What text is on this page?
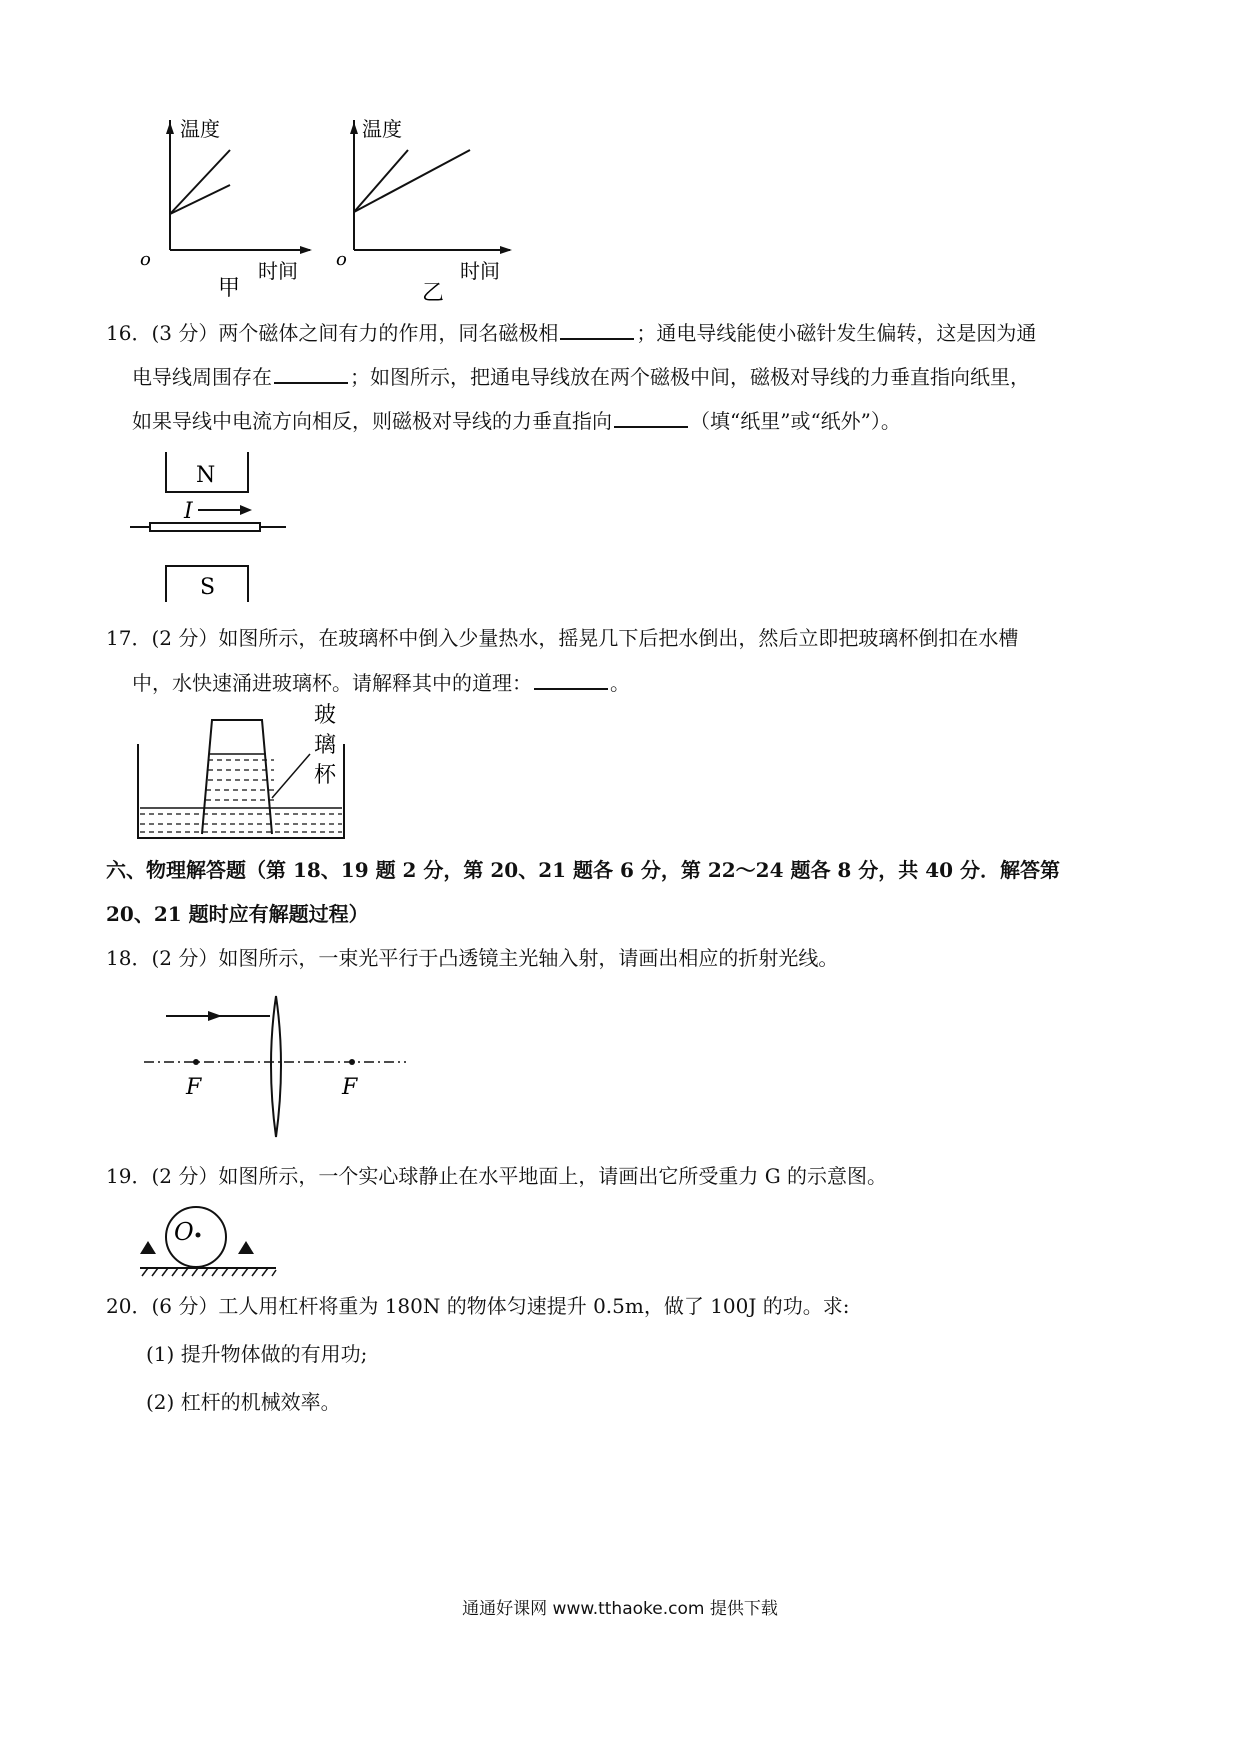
温度
o	时间
甲
温度
o	时间
乙
16．(3 分）两个磁体之间有力的作用，同名磁极相	；通电导线能使小磁针发生偏转，这是因为通
电导线周围存在	；如图所示，把通电导线放在两个磁极中间，磁极对导线的力垂直指向纸里，
如果导线中电流方向相反，则磁极对导线的力垂直指向	（填“纸里”或“纸外”）。
N
I
S
17．(2 分）如图所示，在玻璃杯中倒入少量热水，摇晃几下后把水倒出，然后立即把玻璃杯倒扣在水槽
中，水快速涌进玻璃杯。请解释其中的道理：	。
玻
璃
杯
六、物理解答题（第 18、19 题 2 分，第 20、21 题各 6 分，第 22～24 题各 8 分，共 40 分．解答第
20、21 题时应有解题过程）
18．(2 分）如图所示，一束光平行于凸透镜主光轴入射，请画出相应的折射光线。
F	F
19．(2 分）如图所示，一个实心球静止在水平地面上，请画出它所受重力 G 的示意图。
O
20．(6 分）工人用杠杆将重为 180N 的物体匀速提升 0.5m，做了 100J 的功。求:
(1) 提升物体做的有用功;
(2) 杠杆的机械效率。
通通好课网 www.tthaoke.com 提供下载
